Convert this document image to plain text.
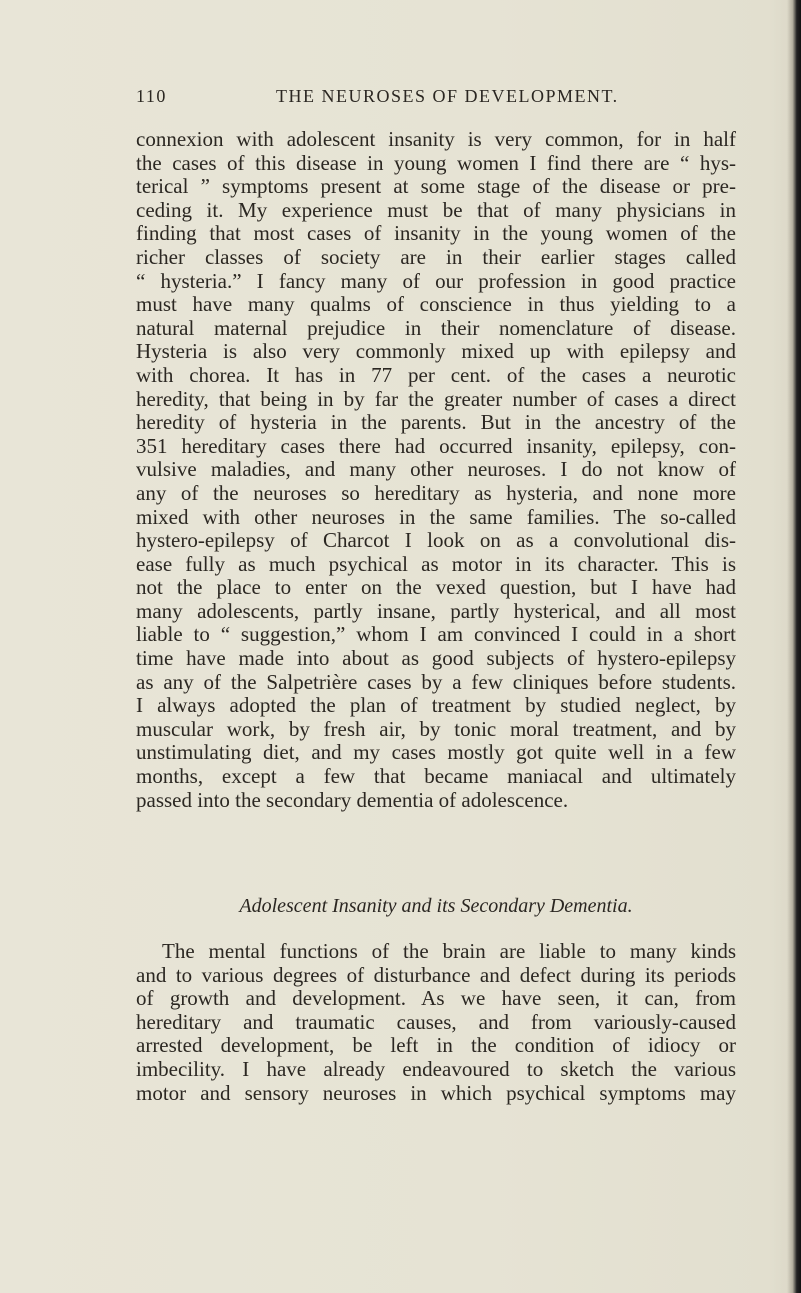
110	THE NEUROSES OF DEVELOPMENT.
connexion with adolescent insanity is very common, for in half
the cases of this disease in young women I find there are “ hys-
terical ” symptoms present at some stage of the disease or pre-
ceding it. My experience must be that of many physicians in
finding that most cases of insanity in the young women of the
richer classes of society are in their earlier stages called
“ hysteria.” I fancy many of our profession in good practice
must have many qualms of conscience in thus yielding to a
natural maternal prejudice in their nomenclature of disease.
Hysteria is also very commonly mixed up with epilepsy and
with chorea. It has in 77 per cent. of the cases a neurotic
heredity, that being in by far the greater number of cases a direct
heredity of hysteria in the parents. But in the ancestry of the
351 hereditary cases there had occurred insanity, epilepsy, con-
vulsive maladies, and many other neuroses. I do not know of
any of the neuroses so hereditary as hysteria, and none more
mixed with other neuroses in the same families. The so-called
hystero-epilepsy of Charcot I look on as a convolutional dis-
ease fully as much psychical as motor in its character. This is
not the place to enter on the vexed question, but I have had
many adolescents, partly insane, partly hysterical, and all most
liable to “ suggestion,” whom I am convinced I could in a short
time have made into about as good subjects of hystero-epilepsy
as any of the Salpetrière cases by a few cliniques before students.
I always adopted the plan of treatment by studied neglect, by
muscular work, by fresh air, by tonic moral treatment, and by
unstimulating diet, and my cases mostly got quite well in a few
months, except a few that became maniacal and ultimately
passed into the secondary dementia of adolescence.
Adolescent Insanity and its Secondary Dementia.
The mental functions of the brain are liable to many kinds
and to various degrees of disturbance and defect during its periods
of growth and development. As we have seen, it can, from
hereditary and traumatic causes, and from variously-caused
arrested development, be left in the condition of idiocy or
imbecility. I have already endeavoured to sketch the various
motor and sensory neuroses in which psychical symptoms may
